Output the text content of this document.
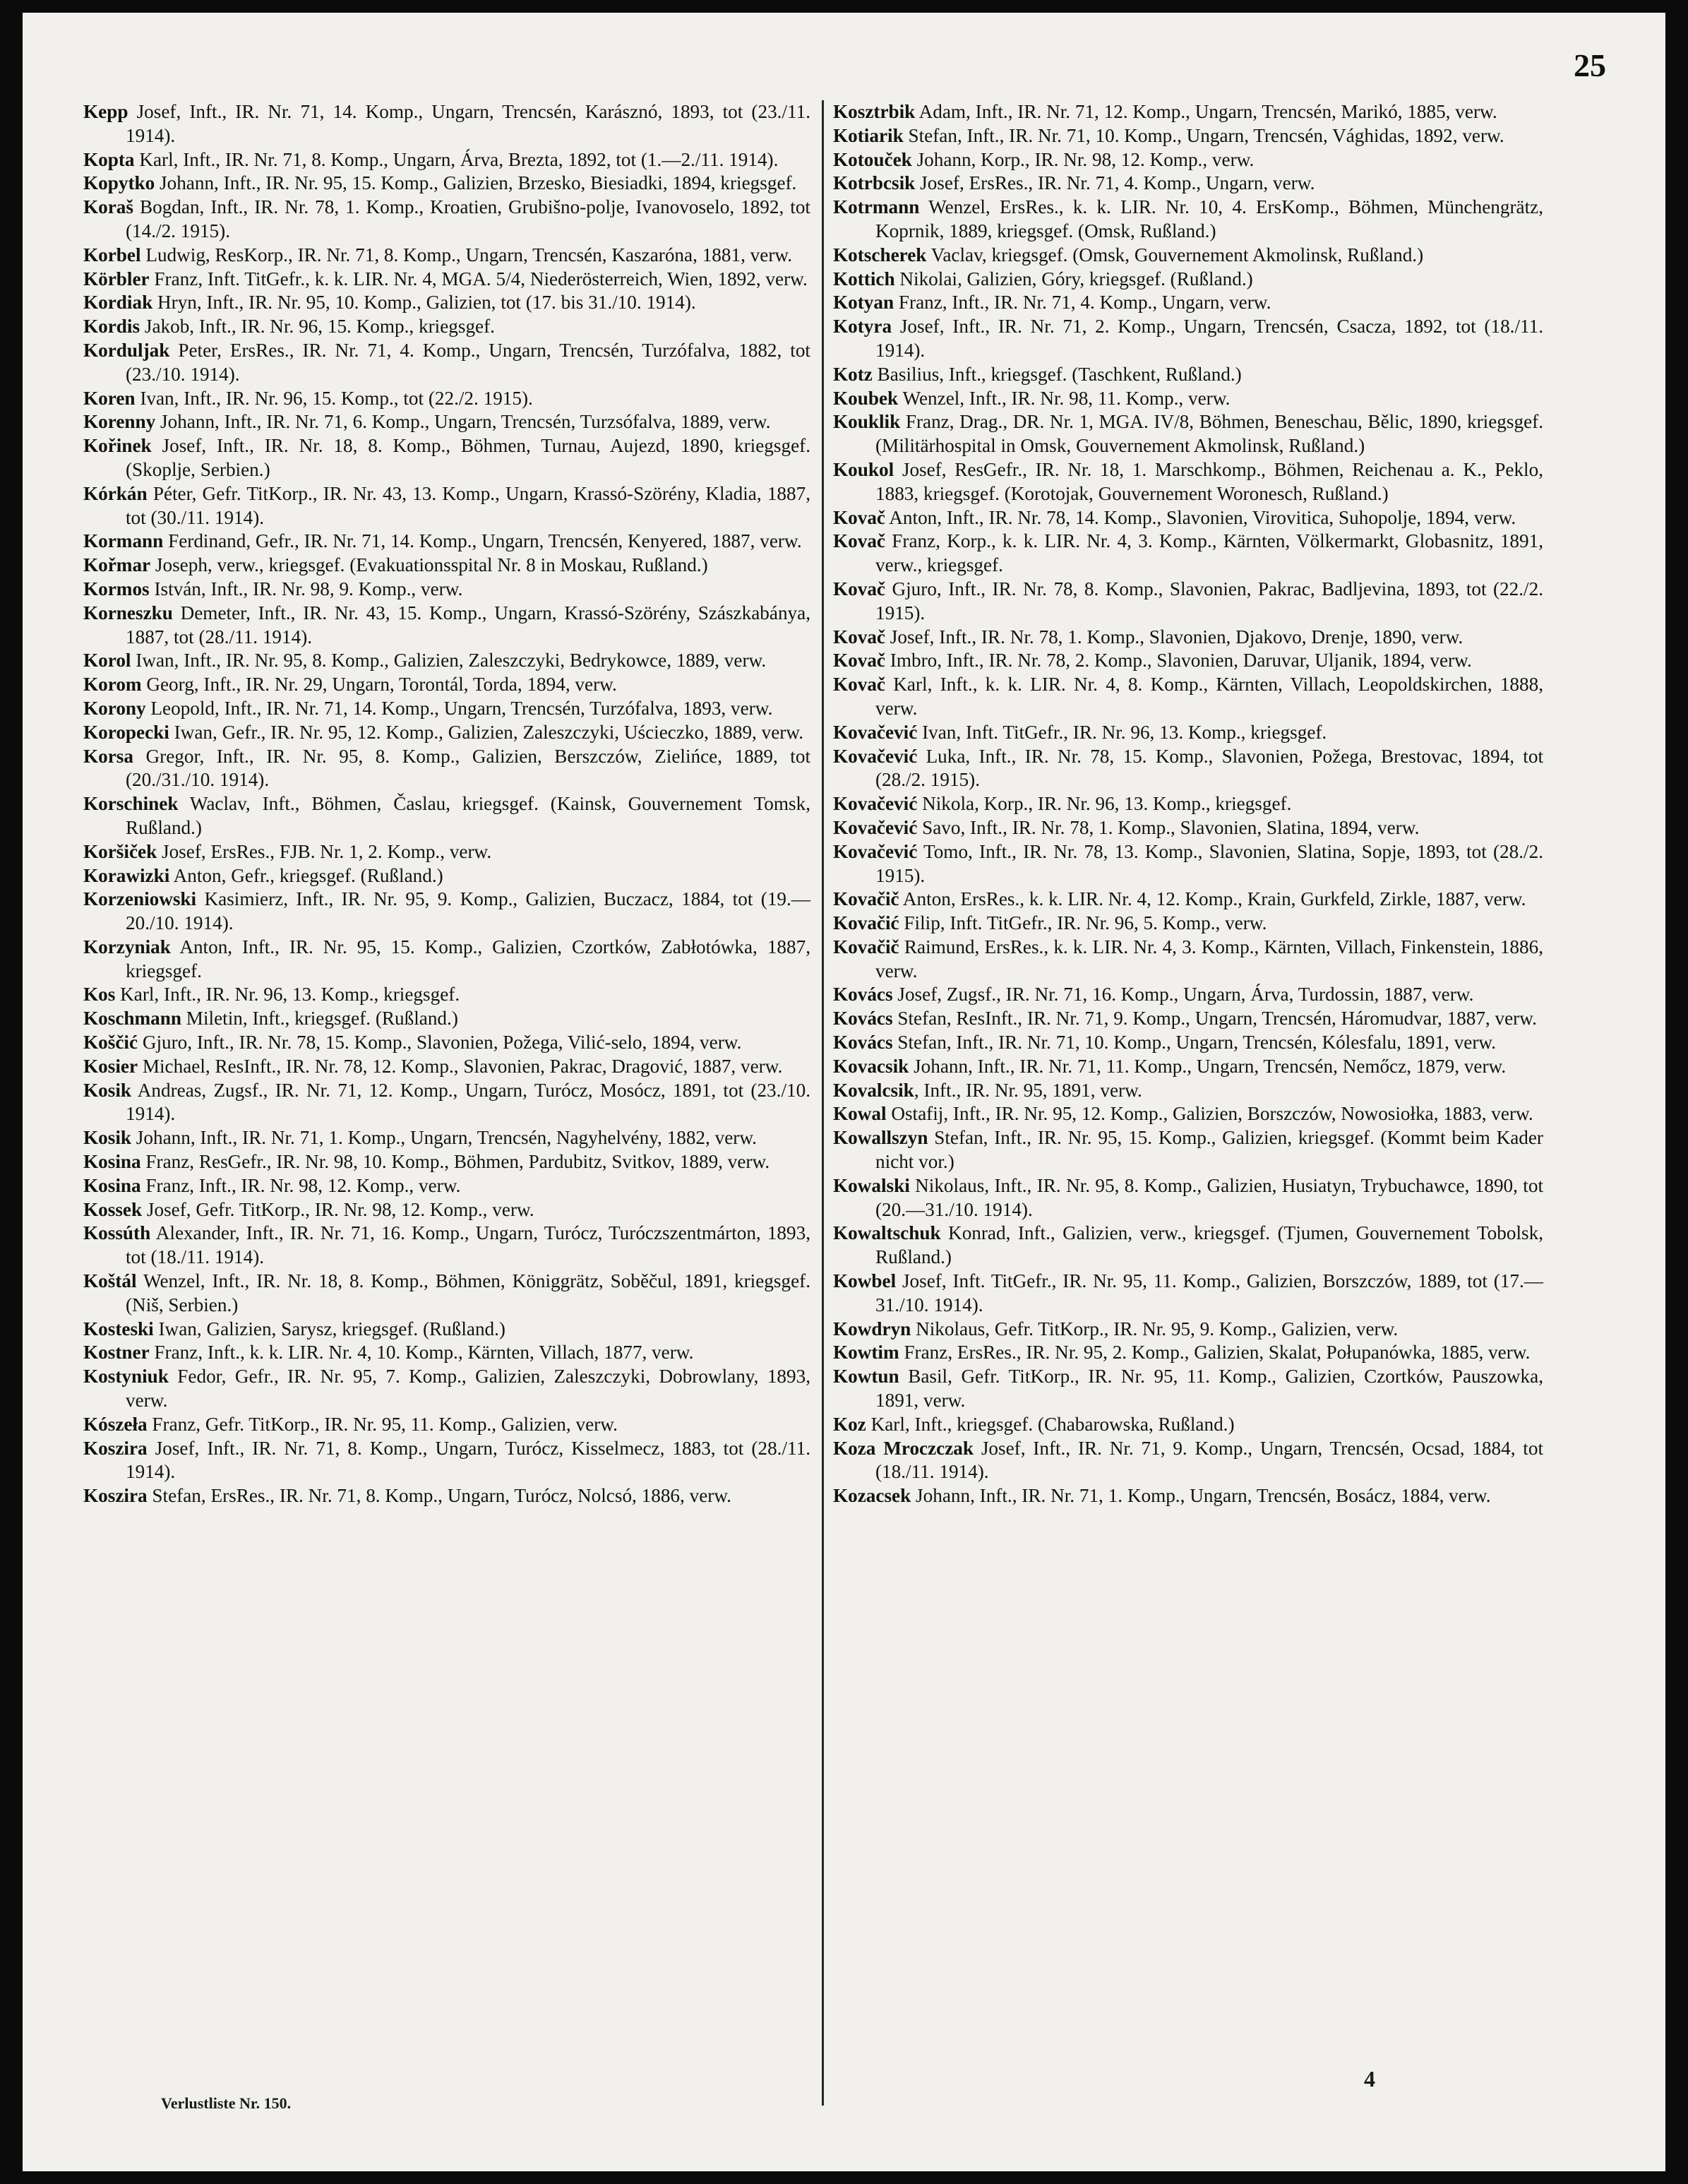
25

Kepp Josef, Inft., IR. Nr. 71, 14. Komp., Ungarn, Trencsén, Karásznó, 1893, tot (23./11. 1914).

Kopta Karl, Inft., IR. Nr. 71, 8. Komp., Ungarn, Árva, Brezta, 1892, tot (1.—2./11. 1914).

Kopytko Johann, Inft., IR. Nr. 95, 15. Komp., Galizien, Brzesko, Biesiadki, 1894, kriegsgef.

Koraš Bogdan, Inft., IR. Nr. 78, 1. Komp., Kroatien, Grubišno-polje, Ivanovoselo, 1892, tot (14./2. 1915).

Korbel Ludwig, ResKorp., IR. Nr. 71, 8. Komp., Ungarn, Trencsén, Kaszaróna, 1881, verw.

Körbler Franz, Inft. TitGefr., k. k. LIR. Nr. 4, MGA. 5/4, Niederösterreich, Wien, 1892, verw.

Kordiak Hryn, Inft., IR. Nr. 95, 10. Komp., Galizien, tot (17. bis 31./10. 1914).

Kordis Jakob, Inft., IR. Nr. 96, 15. Komp., kriegsgef.

Korduljak Peter, ErsRes., IR. Nr. 71, 4. Komp., Ungarn, Trencsén, Turzófalva, 1882, tot (23./10. 1914).

Koren Ivan, Inft., IR. Nr. 96, 15. Komp., tot (22./2. 1915).

Korenny Johann, Inft., IR. Nr. 71, 6. Komp., Ungarn, Trencsén, Turzsófalva, 1889, verw.

Kořinek Josef, Inft., IR. Nr. 18, 8. Komp., Böhmen, Turnau, Aujezd, 1890, kriegsgef. (Skoplje, Serbien.)

Kórkán Péter, Gefr. TitKorp., IR. Nr. 43, 13. Komp., Ungarn, Krassó-Szörény, Kladia, 1887, tot (30./11. 1914).

Kormann Ferdinand, Gefr., IR. Nr. 71, 14. Komp., Ungarn, Trencsén, Kenyered, 1887, verw.

Kořmar Joseph, verw., kriegsgef. (Evakuationsspital Nr. 8 in Moskau, Rußland.)

Kormos István, Inft., IR. Nr. 98, 9. Komp., verw.

Korneszku Demeter, Inft., IR. Nr. 43, 15. Komp., Ungarn, Krassó-Szörény, Szászkabánya, 1887, tot (28./11. 1914).

Korol Iwan, Inft., IR. Nr. 95, 8. Komp., Galizien, Zaleszczyki, Bedrykowce, 1889, verw.

Korom Georg, Inft., IR. Nr. 29, Ungarn, Torontál, Torda, 1894, verw.

Korony Leopold, Inft., IR. Nr. 71, 14. Komp., Ungarn, Trencsén, Turzófalva, 1893, verw.

Koropecki Iwan, Gefr., IR. Nr. 95, 12. Komp., Galizien, Zaleszczyki, Uścieczko, 1889, verw.

Korsa Gregor, Inft., IR. Nr. 95, 8. Komp., Galizien, Berszczów, Zielińce, 1889, tot (20./31./10. 1914).

Korschinek Waclav, Inft., Böhmen, Časlau, kriegsgef. (Kainsk, Gouvernement Tomsk, Rußland.)

Koršiček Josef, ErsRes., FJB. Nr. 1, 2. Komp., verw.

Korawizki Anton, Gefr., kriegsgef. (Rußland.)

Korzeniowski Kasimierz, Inft., IR. Nr. 95, 9. Komp., Galizien, Buczacz, 1884, tot (19.—20./10. 1914).

Korzyniak Anton, Inft., IR. Nr. 95, 15. Komp., Galizien, Czortków, Zabłotówka, 1887, kriegsgef.

Kos Karl, Inft., IR. Nr. 96, 13. Komp., kriegsgef.

Koschmann Miletin, Inft., kriegsgef. (Rußland.)

Koščić Gjuro, Inft., IR. Nr. 78, 15. Komp., Slavonien, Požega, Vilić-selo, 1894, verw.

Kosier Michael, ResInft., IR. Nr. 78, 12. Komp., Slavonien, Pakrac, Dragović, 1887, verw.

Kosik Andreas, Zugsf., IR. Nr. 71, 12. Komp., Ungarn, Turócz, Mosócz, 1891, tot (23./10. 1914).

Kosik Johann, Inft., IR. Nr. 71, 1. Komp., Ungarn, Trencsén, Nagyhelvény, 1882, verw.

Kosina Franz, ResGefr., IR. Nr. 98, 10. Komp., Böhmen, Pardubitz, Svitkov, 1889, verw.

Kosina Franz, Inft., IR. Nr. 98, 12. Komp., verw.

Kossek Josef, Gefr. TitKorp., IR. Nr. 98, 12. Komp., verw.

Kossúth Alexander, Inft., IR. Nr. 71, 16. Komp., Ungarn, Turócz, Turóczszentmárton, 1893, tot (18./11. 1914).

Koštál Wenzel, Inft., IR. Nr. 18, 8. Komp., Böhmen, Königgrätz, Soběčul, 1891, kriegsgef. (Niš, Serbien.)

Kosteski Iwan, Galizien, Sarysz, kriegsgef. (Rußland.)

Kostner Franz, Inft., k. k. LIR. Nr. 4, 10. Komp., Kärnten, Villach, 1877, verw.

Kostyniuk Fedor, Gefr., IR. Nr. 95, 7. Komp., Galizien, Zaleszczyki, Dobrowlany, 1893, verw.

Kószeła Franz, Gefr. TitKorp., IR. Nr. 95, 11. Komp., Galizien, verw.

Koszira Josef, Inft., IR. Nr. 71, 8. Komp., Ungarn, Turócz, Kisselmecz, 1883, tot (28./11. 1914).

Koszira Stefan, ErsRes., IR. Nr. 71, 8. Komp., Ungarn, Turócz, Nolcsó, 1886, verw.

Kosztrbik Adam, Inft., IR. Nr. 71, 12. Komp., Ungarn, Trencsén, Marikó, 1885, verw.

Kotiarik Stefan, Inft., IR. Nr. 71, 10. Komp., Ungarn, Trencsén, Vághidas, 1892, verw.

Kotouček Johann, Korp., IR. Nr. 98, 12. Komp., verw.

Kotrbcsik Josef, ErsRes., IR. Nr. 71, 4. Komp., Ungarn, verw.

Kotrmann Wenzel, ErsRes., k. k. LIR. Nr. 10, 4. ErsKomp., Böhmen, Münchengrätz, Koprnik, 1889, kriegsgef. (Omsk, Rußland.)

Kotscherek Vaclav, kriegsgef. (Omsk, Gouvernement Akmolinsk, Rußland.)

Kottich Nikolai, Galizien, Góry, kriegsgef. (Rußland.)

Kotyan Franz, Inft., IR. Nr. 71, 4. Komp., Ungarn, verw.

Kotyra Josef, Inft., IR. Nr. 71, 2. Komp., Ungarn, Trencsén, Csacza, 1892, tot (18./11. 1914).

Kotz Basilius, Inft., kriegsgef. (Taschkent, Rußland.)

Koubek Wenzel, Inft., IR. Nr. 98, 11. Komp., verw.

Kouklik Franz, Drag., DR. Nr. 1, MGA. IV/8, Böhmen, Beneschau, Bělic, 1890, kriegsgef. (Militärhospital in Omsk, Gouvernement Akmolinsk, Rußland.)

Koukol Josef, ResGefr., IR. Nr. 18, 1. Marschkomp., Böhmen, Reichenau a. K., Peklo, 1883, kriegsgef. (Korotojak, Gouvernement Woronesch, Rußland.)

Kovač Anton, Inft., IR. Nr. 78, 14. Komp., Slavonien, Virovitica, Suhopolje, 1894, verw.

Kovač Franz, Korp., k. k. LIR. Nr. 4, 3. Komp., Kärnten, Völkermarkt, Globasnitz, 1891, verw., kriegsgef.

Kovač Gjuro, Inft., IR. Nr. 78, 8. Komp., Slavonien, Pakrac, Badljevina, 1893, tot (22./2. 1915).

Kovač Josef, Inft., IR. Nr. 78, 1. Komp., Slavonien, Djakovo, Drenje, 1890, verw.

Kovač Imbro, Inft., IR. Nr. 78, 2. Komp., Slavonien, Daruvar, Uljanik, 1894, verw.

Kovač Karl, Inft., k. k. LIR. Nr. 4, 8. Komp., Kärnten, Villach, Leopoldskirchen, 1888, verw.

Kovačević Ivan, Inft. TitGefr., IR. Nr. 96, 13. Komp., kriegsgef.

Kovačević Luka, Inft., IR. Nr. 78, 15. Komp., Slavonien, Požega, Brestovac, 1894, tot (28./2. 1915).

Kovačević Nikola, Korp., IR. Nr. 96, 13. Komp., kriegsgef.

Kovačević Savo, Inft., IR. Nr. 78, 1. Komp., Slavonien, Slatina, 1894, verw.

Kovačević Tomo, Inft., IR. Nr. 78, 13. Komp., Slavonien, Slatina, Sopje, 1893, tot (28./2. 1915).

Kovačič Anton, ErsRes., k. k. LIR. Nr. 4, 12. Komp., Krain, Gurkfeld, Zirkle, 1887, verw.

Kovačić Filip, Inft. TitGefr., IR. Nr. 96, 5. Komp., verw.

Kovačič Raimund, ErsRes., k. k. LIR. Nr. 4, 3. Komp., Kärnten, Villach, Finkenstein, 1886, verw.

Kovács Josef, Zugsf., IR. Nr. 71, 16. Komp., Ungarn, Árva, Turdossin, 1887, verw.

Kovács Stefan, ResInft., IR. Nr. 71, 9. Komp., Ungarn, Trencsén, Háromudvar, 1887, verw.

Kovács Stefan, Inft., IR. Nr. 71, 10. Komp., Ungarn, Trencsén, Kólesfalu, 1891, verw.

Kovacsik Johann, Inft., IR. Nr. 71, 11. Komp., Ungarn, Trencsén, Nemőcz, 1879, verw.

Kovalcsik, Inft., IR. Nr. 95, 1891, verw.

Kowal Ostafij, Inft., IR. Nr. 95, 12. Komp., Galizien, Borszczów, Nowosiołka, 1883, verw.

Kowallszyn Stefan, Inft., IR. Nr. 95, 15. Komp., Galizien, kriegsgef. (Kommt beim Kader nicht vor.)

Kowalski Nikolaus, Inft., IR. Nr. 95, 8. Komp., Galizien, Husiatyn, Trybuchawce, 1890, tot (20.—31./10. 1914).

Kowaltschuk Konrad, Inft., Galizien, verw., kriegsgef. (Tjumen, Gouvernement Tobolsk, Rußland.)

Kowbel Josef, Inft. TitGefr., IR. Nr. 95, 11. Komp., Galizien, Borszczów, 1889, tot (17.—31./10. 1914).

Kowdryn Nikolaus, Gefr. TitKorp., IR. Nr. 95, 9. Komp., Galizien, verw.

Kowtim Franz, ErsRes., IR. Nr. 95, 2. Komp., Galizien, Skalat, Połupanówka, 1885, verw.

Kowtun Basil, Gefr. TitKorp., IR. Nr. 95, 11. Komp., Galizien, Czortków, Pauszowka, 1891, verw.

Koz Karl, Inft., kriegsgef. (Chabarowska, Rußland.)

Koza Mroczczak Josef, Inft., IR. Nr. 71, 9. Komp., Ungarn, Trencsén, Ocsad, 1884, tot (18./11. 1914).

Kozacsek Johann, Inft., IR. Nr. 71, 1. Komp., Ungarn, Trencsén, Bosácz, 1884, verw.

Verlustliste Nr. 150.
4
